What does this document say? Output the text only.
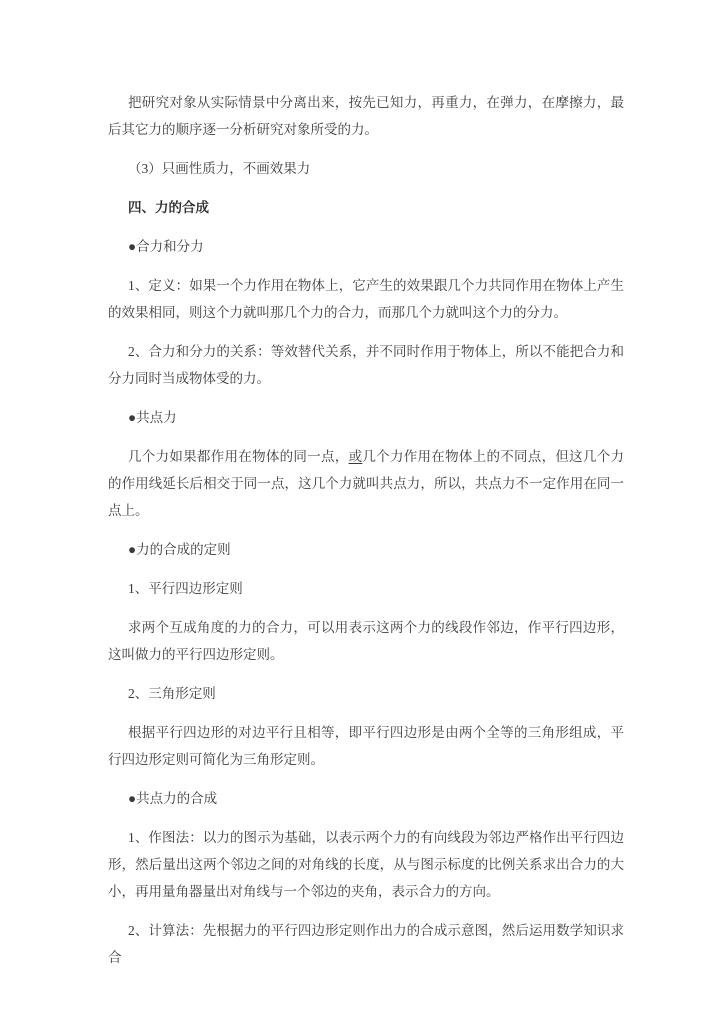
把研究对象从实际情景中分离出来，按先已知力，再重力，在弹力，在摩擦力，最后其它力的顺序逐一分析研究对象所受的力。

（3）只画性质力，不画效果力

四、力的合成

●合力和分力

1、定义：如果一个力作用在物体上，它产生的效果跟几个力共同作用在物体上产生的效果相同，则这个力就叫那几个力的合力，而那几个力就叫这个力的分力。

2、合力和分力的关系：等效替代关系，并不同时作用于物体上，所以不能把合力和分力同时当成物体受的力。

●共点力

几个力如果都作用在物体的同一点，或几个力作用在物体上的不同点，但这几个力的作用线延长后相交于同一点，这几个力就叫共点力，所以，共点力不一定作用在同一点上。

●力的合成的定则

1、平行四边形定则

求两个互成角度的力的合力，可以用表示这两个力的线段作邻边，作平行四边形，这叫做力的平行四边形定则。

2、三角形定则

根据平行四边形的对边平行且相等，即平行四边形是由两个全等的三角形组成，平行四边形定则可简化为三角形定则。

●共点力的合成

1、作图法：以力的图示为基础，以表示两个力的有向线段为邻边严格作出平行四边形，然后量出这两个邻边之间的对角线的长度，从与图示标度的比例关系求出合力的大小，再用量角器量出对角线与一个邻边的夹角，表示合力的方向。

2、计算法：先根据力的平行四边形定则作出力的合成示意图，然后运用数学知识求合
